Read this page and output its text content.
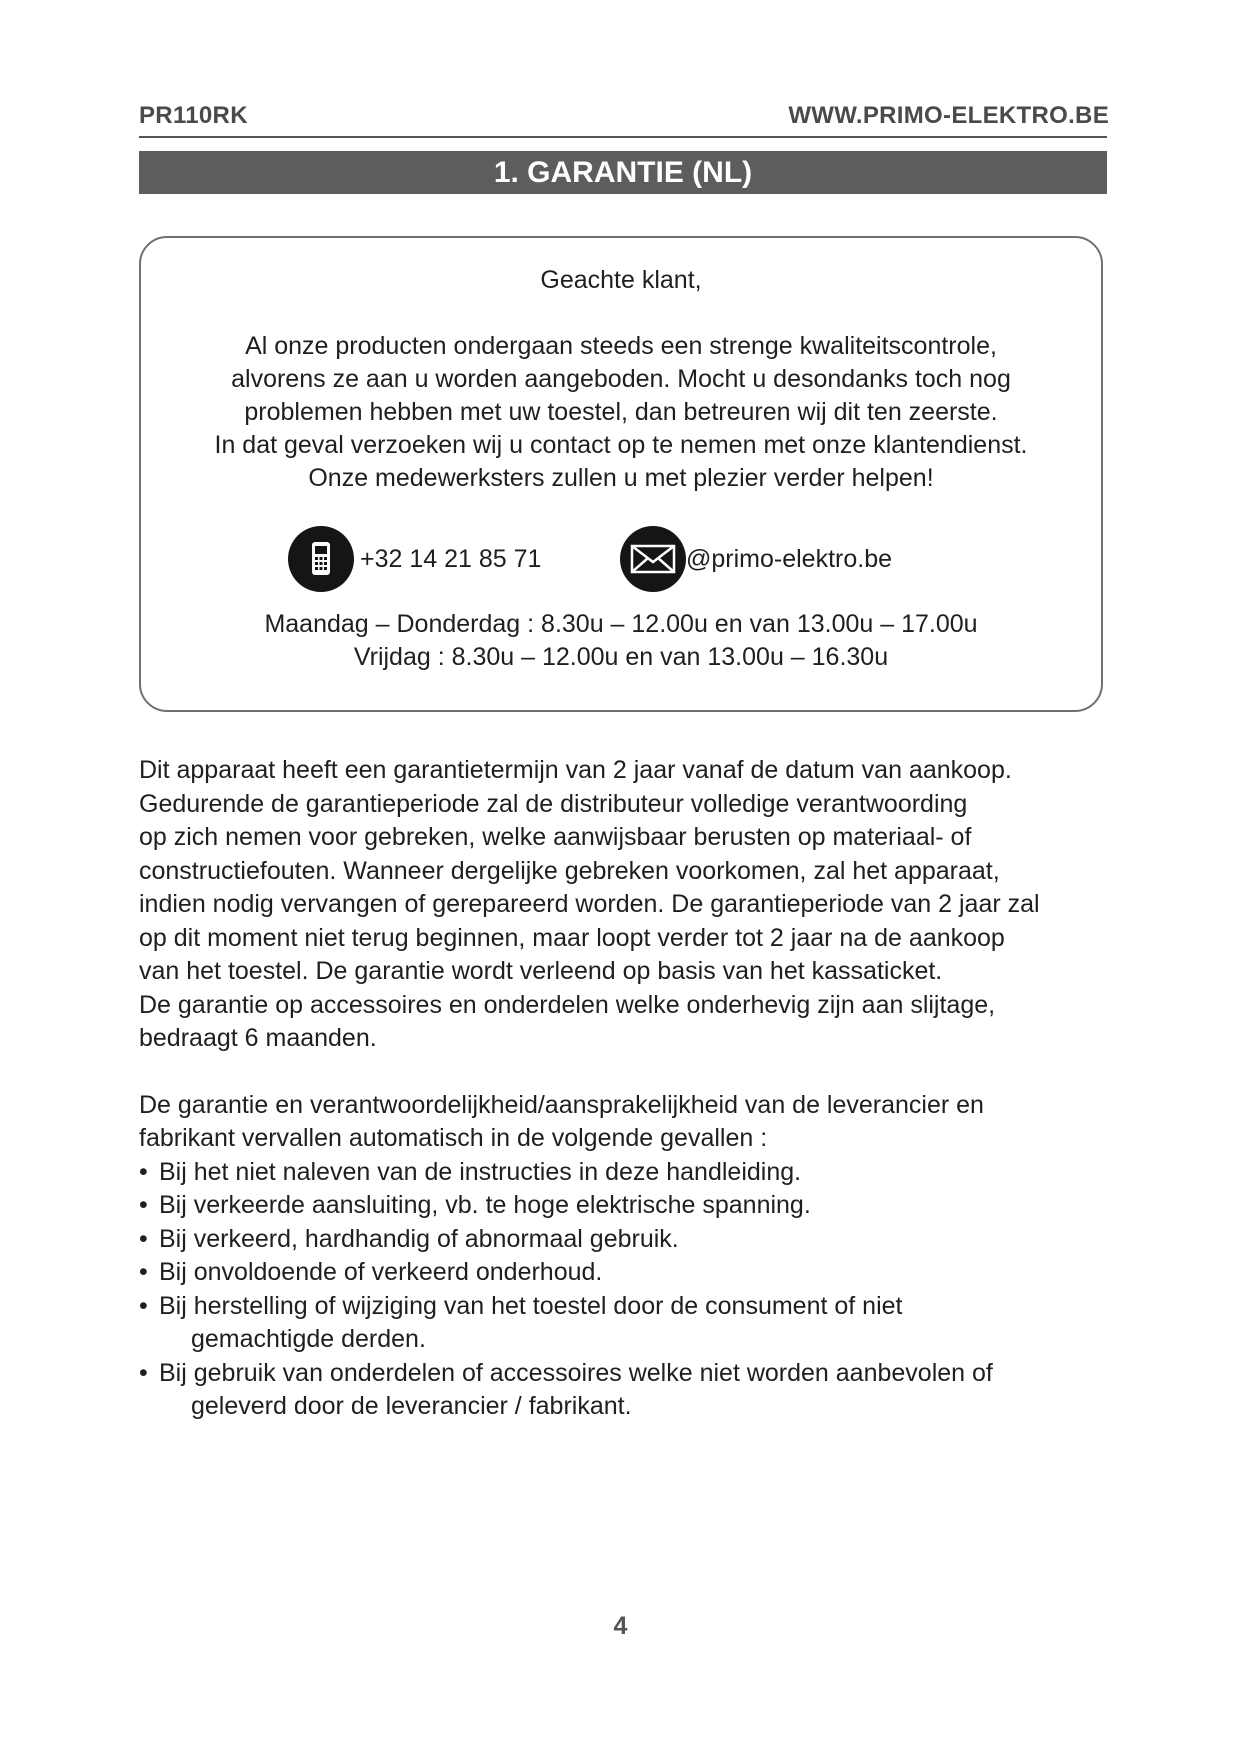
PR110RK	WWW.PRIMO-ELEKTRO.BE
1. GARANTIE (NL)
Geachte klant,
Al onze producten ondergaan steeds een strenge kwaliteitscontrole,
alvorens ze aan u worden aangeboden. Mocht u desondanks toch nog
problemen hebben met uw toestel, dan betreuren wij dit ten zeerste.
In dat geval verzoeken wij u contact op te nemen met onze klantendienst.
Onze medewerksters zullen u met plezier verder helpen!
+32 14 21 85 71	@primo-elektro.be
Maandag – Donderdag : 8.30u – 12.00u en van 13.00u – 17.00u
Vrijdag : 8.30u – 12.00u en van 13.00u – 16.30u
Dit apparaat heeft een garantietermijn van 2 jaar vanaf de datum van aankoop.
Gedurende de garantieperiode zal de distributeur volledige verantwoording
op zich nemen voor gebreken, welke aanwijsbaar berusten op materiaal- of
constructiefouten. Wanneer dergelijke gebreken voorkomen, zal het apparaat,
indien nodig vervangen of gerepareerd worden. De garantieperiode van 2 jaar zal
op dit moment niet terug beginnen, maar loopt verder tot 2 jaar na de aankoop
van het toestel. De garantie wordt verleend op basis van het kassaticket.
De garantie op accessoires en onderdelen welke onderhevig zijn aan slijtage,
bedraagt 6 maanden.
De garantie en verantwoordelijkheid/aansprakelijkheid van de leverancier en
fabrikant vervallen automatisch in de volgende gevallen :
• Bij het niet naleven van de instructies in deze handleiding.
• Bij verkeerde aansluiting, vb. te hoge elektrische spanning.
• Bij verkeerd, hardhandig of abnormaal gebruik.
• Bij onvoldoende of verkeerd onderhoud.
• Bij herstelling of wijziging van het toestel door de consument of niet
gemachtigde derden.
• Bij gebruik van onderdelen of accessoires welke niet worden aanbevolen of
geleverd door de leverancier / fabrikant.
4
